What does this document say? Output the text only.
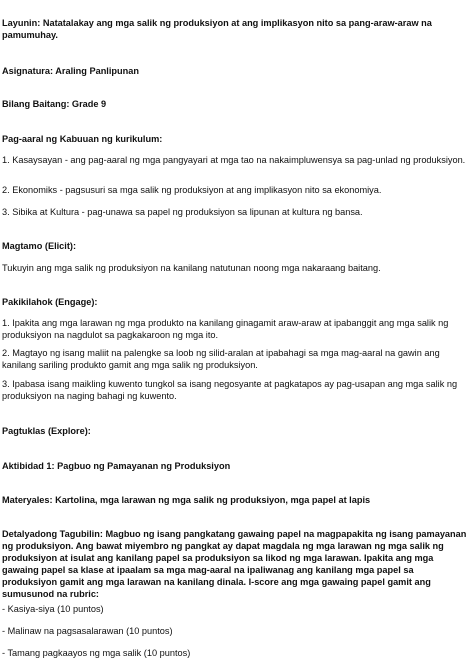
Layunin: Natatalakay ang mga salik ng produksiyon at ang implikasyon nito sa pang-araw-araw na pamumuhay.

Asignatura: Araling Panlipunan

Bilang Baitang: Grade 9

Pag-aaral ng Kabuuan ng kurikulum:

1. Kasaysayan - ang pag-aaral ng mga pangyayari at mga tao na nakaimpluwensya sa pag-unlad ng produksiyon.

2. Ekonomiks - pagsusuri sa mga salik ng produksiyon at ang implikasyon nito sa ekonomiya.

3. Sibika at Kultura - pag-unawa sa papel ng produksiyon sa lipunan at kultura ng bansa.

Magtamo (Elicit):

Tukuyin ang mga salik ng produksiyon na kanilang natutunan noong mga nakaraang baitang.

Pakikilahok (Engage):

1. Ipakita ang mga larawan ng mga produkto na kanilang ginagamit araw-araw at ipabanggit ang mga salik ng produksiyon na nagdulot sa pagkakaroon ng mga ito.

2. Magtayo ng isang maliit na palengke sa loob ng silid-aralan at ipabahagi sa mga mag-aaral na gawin ang kanilang sariling produkto gamit ang mga salik ng produksiyon.

3. Ipabasa isang maikling kuwento tungkol sa isang negosyante at pagkatapos ay pag-usapan ang mga salik ng produksiyon na naging bahagi ng kuwento.

Pagtuklas (Explore):

Aktibidad 1: Pagbuo ng Pamayanan ng Produksiyon

Materyales: Kartolina, mga larawan ng mga salik ng produksiyon, mga papel at lapis

Detalyadong Tagubilin: Magbuo ng isang pangkatang gawaing papel na magpapakita ng isang pamayanan ng produksiyon. Ang bawat miyembro ng pangkat ay dapat magdala ng mga larawan ng mga salik ng produksiyon at isulat ang kanilang papel sa produksiyon sa likod ng mga larawan. Ipakita ang mga gawaing papel sa klase at ipaalam sa mga mag-aaral na ipaliwanag ang kanilang mga papel sa produksiyon gamit ang mga larawan na kanilang dinala. I-score ang mga gawaing papel gamit ang sumusunod na rubric:

- Kasiya-siya (10 puntos)

- Malinaw na pagsasalarawan (10 puntos)

- Tamang pagkaayos ng mga salik (10 puntos)
